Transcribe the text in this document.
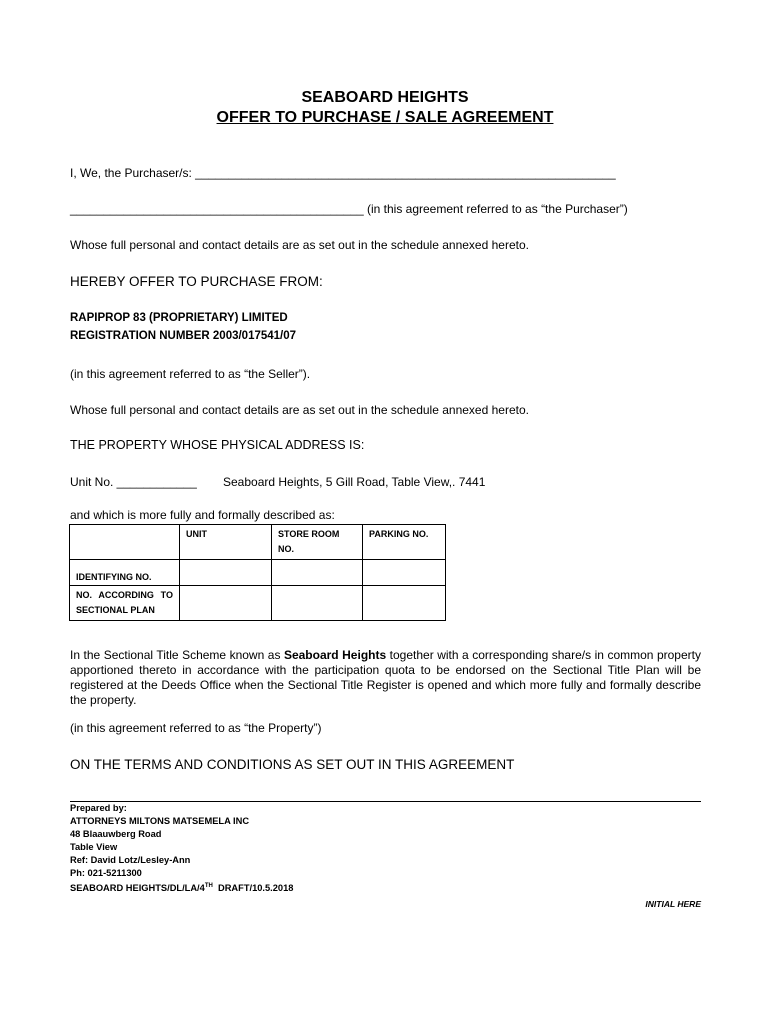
SEABOARD HEIGHTS
OFFER TO PURCHASE / SALE AGREEMENT
I, We, the Purchaser/s: _______________________________________________________________
____________________________________________ (in this agreement referred to as “the Purchaser”)
Whose full personal and contact details are as set out in the schedule annexed hereto.
HEREBY OFFER TO PURCHASE FROM:
RAPIPROP 83 (PROPRIETARY) LIMITED
REGISTRATION NUMBER 2003/017541/07
(in this agreement referred to as “the Seller”).
Whose full personal and contact details are as set out in the schedule annexed hereto.
THE PROPERTY WHOSE PHYSICAL ADDRESS IS:
Unit No. ____________ Seaboard Heights, 5 Gill Road, Table View,. 7441
and which is more fully and formally described as:
	UNIT	STORE ROOM NO.	PARKING NO.
IDENTIFYING NO.			
NO. ACCORDING TO SECTIONAL PLAN			
In the Sectional Title Scheme known as Seaboard Heights together with a corresponding share/s in common property apportioned thereto in accordance with the participation quota to be endorsed on the Sectional Title Plan will be registered at the Deeds Office when the Sectional Title Register is opened and which more fully and formally describe the property.
(in this agreement referred to as “the Property”)
ON THE TERMS AND CONDITIONS AS SET OUT IN THIS AGREEMENT
Prepared by:
ATTORNEYS MILTONS MATSEMELA INC
48 Blaauwberg Road
Table View
Ref: David Lotz/Lesley-Ann
Ph: 021-5211300
SEABOARD HEIGHTS/DL/LA/4TH  DRAFT/10.5.2018
INITIAL HERE
